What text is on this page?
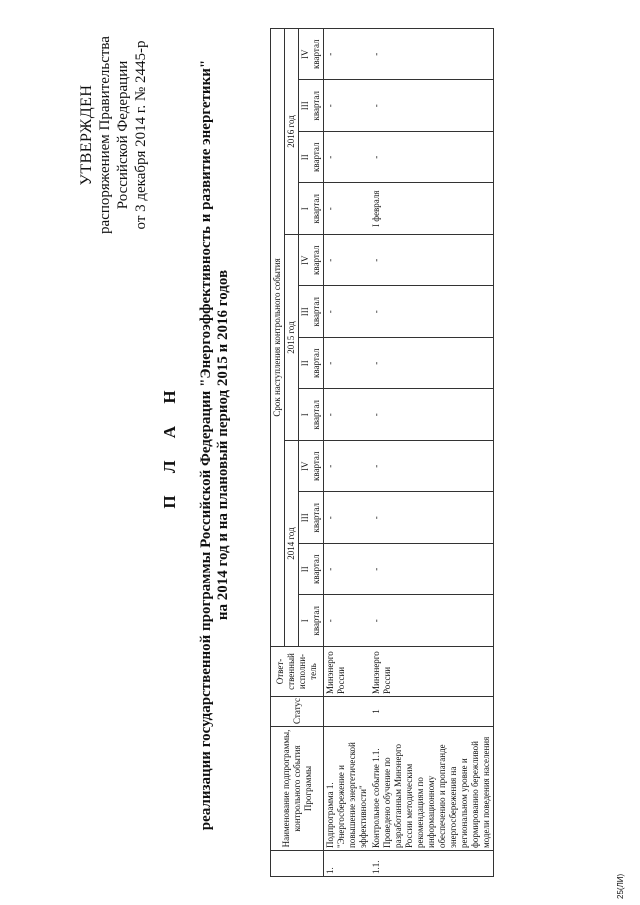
УТВЕРЖДЕН распоряжением Правительства Российской Федерации от 3 декабря 2014 г. № 2445-р
П Л А Н реализации государственной программы Российской Федерации "Энергоэффективность и развитие энергетики" на 2014 год и на плановый период 2015 и 2016 годов
	Наименование подпрограммы, контрольного события Программы	Статус	Ответ-ственный исполни-тель	Срок наступления контрольного события											
				2014 год				2015 год				2016 год			

				I квартал	II квартал	III квартал	IV квартал	I квартал	II квартал	III квартал	IV квартал	I квартал	II квартал	III квартал	IV квартал

1.	Подпрограмма 1. "Энергосбережение и повышение энергетической эффективности"		Минэнерго России	-	-	-	-	-	-	-	-	-	-	-	-
1.1.	Контрольное событие 1.1. Проведено обучение по разработанным Минэнерго России методическим рекомендациям по информационному обеспечению и пропаганде энергосбережения на региональном уровне и формированию бережливой модели поведения населения	1	Минэнерго России	-	-	-	-	-	-	-	-	I февраля	-	-	-
25(ЛИ)
